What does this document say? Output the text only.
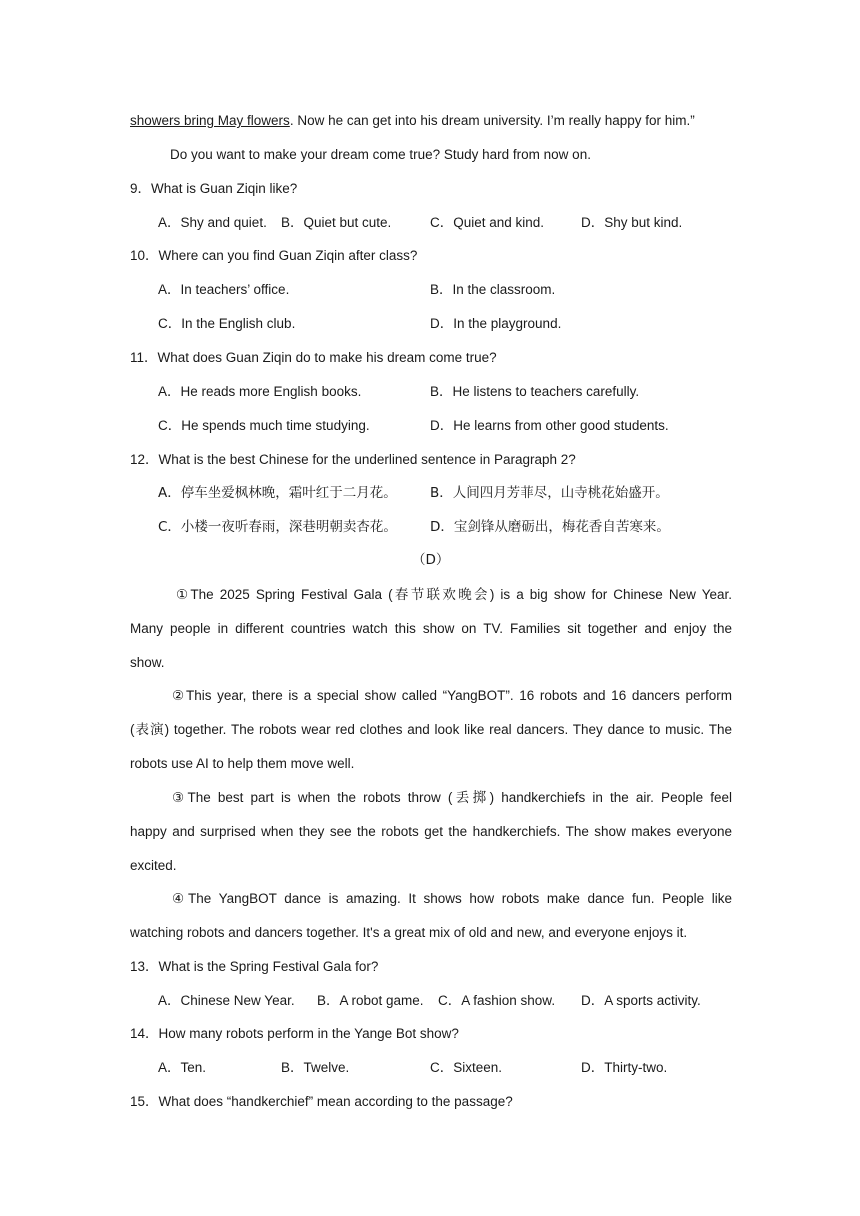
showers bring May flowers. Now he can get into his dream university. I’m really happy for him.”
Do you want to make your dream come true? Study hard from now on.
9．What is Guan Ziqin like?
A．Shy and quiet. B．Quiet but cute.	C．Quiet and kind.	D．Shy but kind.
10．Where can you find Guan Ziqin after class?
A．In teachers’ office.	B．In the classroom.
C．In the English club.	D．In the playground.
11．What does Guan Ziqin do to make his dream come true?
A．He reads more English books.	B．He listens to teachers carefully.
C．He spends much time studying.	D．He learns from other good students.
12．What is the best Chinese for the underlined sentence in Paragraph 2?
A．停车坐爱枫林晚，霜叶红于二月花。 B．人间四月芳菲尽，山寺桃花始盛开。
C．小楼一夜听春雨，深巷明朝卖杏花。 D．宝剑锋从磨砺出，梅花香自苦寒来。
（D）
①The 2025 Spring Festival Gala (春节联欢晚会) is a big show for Chinese New Year.
Many people in different countries watch this show on TV. Families sit together and enjoy the
show.
②This year, there is a special show called “YangBOT”. 16 robots and 16 dancers perform
(表演) together. The robots wear red clothes and look like real dancers. They dance to music. The
robots use AI to help them move well.
③The best part is when the robots throw (丢掷) handkerchiefs in the air. People feel
happy and surprised when they see the robots get the handkerchiefs. The show makes everyone
excited.
④The YangBOT dance is amazing. It shows how robots make dance fun. People like
watching robots and dancers together. It's a great mix of old and new, and everyone enjoys it.
13．What is the Spring Festival Gala for?
A．Chinese New Year. B．A robot game. C．A fashion show. D．A sports activity.
14．How many robots perform in the Yange Bot show?
A．Ten.	B．Twelve.	C．Sixteen.	D．Thirty-two.
15．What does “handkerchief” mean according to the passage?
